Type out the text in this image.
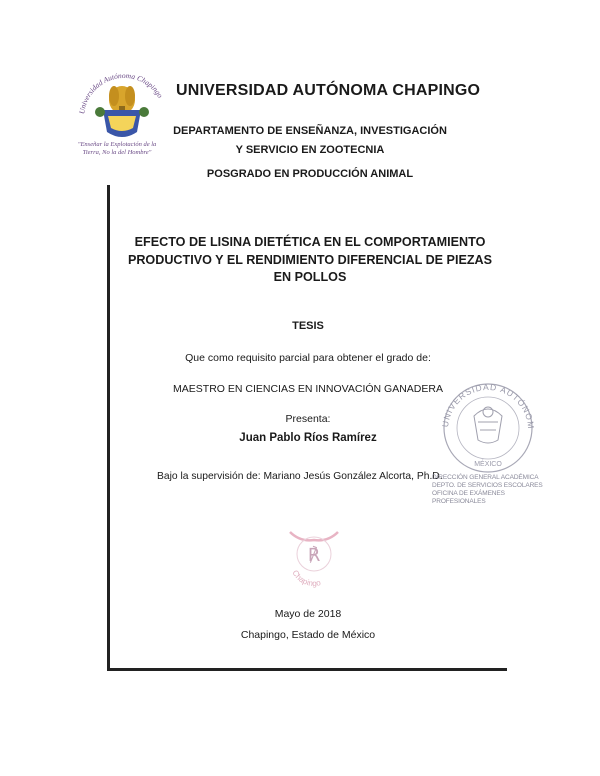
Universidad Autónoma Chapingo
"Enseñar la Explotación de la
Tierra, No la del Hombre"
UNIVERSIDAD AUTÓNOMA CHAPINGO
DEPARTAMENTO DE ENSEÑANZA, INVESTIGACIÓN
Y SERVICIO EN ZOOTECNIA
POSGRADO EN PRODUCCIÓN ANIMAL
EFECTO DE LISINA DIETÉTICA EN EL COMPORTAMIENTO
PRODUCTIVO Y EL RENDIMIENTO DIFERENCIAL DE PIEZAS
EN POLLOS
TESIS
Que como requisito parcial para obtener el grado de:
MAESTRO EN CIENCIAS EN INNOVACIÓN GANADERA
UNIVERSIDAD AUTÓNOM
MÉXICO
Presenta:
Juan Pablo Ríos Ramírez
Bajo la supervisión de: Mariano Jesús González Alcorta, Ph.D.
DIRECCIÓN GENERAL ACADÉMICA
DEPTO. DE SERVICIOS ESCOLARES
OFICINA DE EXÁMENES PROFESIONALES
℟
Chapingo
Mayo de 2018
Chapingo, Estado de México
